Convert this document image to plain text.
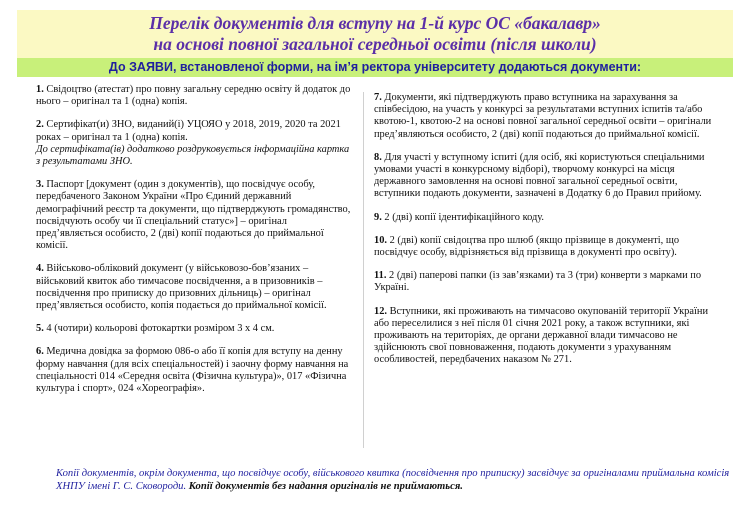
Перелік документів для вступу на 1-й курс ОС «бакалавр»
на основі повної загальної середньої освіти (після школи)
До ЗАЯВИ, встановленої форми, на ім’я ректора університету додаються документи:
1. Свідоцтво (атестат) про повну загальну середню освіту й додаток до нього – оригінал та 1 (одна) копія.
2. Сертифікат(и) ЗНО, виданий(і) УЦОЯО у 2018, 2019, 2020 та 2021 роках – оригінал та 1 (одна) копія.
До сертифіката(ів) додатково роздруковується інформаційна картка з результатами ЗНО.
3. Паспорт [документ (один з документів), що посвідчує особу, передбаченого Законом України «Про Єдиний державний демографічний реєстр та документи, що підтверджують громадянство, посвідчують особу чи її спеціальний статус»] – оригінал пред’являється особисто, 2 (дві) копії подаються до приймальної комісії.
4. Військово-обліковий документ (у військовозо-бов’язаних – військовий квиток або тимчасове посвідчення, а в призовників – посвідчення про приписку до призовних дільниць) – оригінал пред’являється особисто, копія подається до приймальної комісії.
5. 4 (чотири) кольорові фотокартки розміром 3 х 4 см.
6. Медична довідка за формою 086-о або її копія для вступу на денну форму навчання (для всіх спеціальностей) і заочну форму навчання на спеціальності 014 «Середня освіта (Фізична культура)», 017 «Фізична культура і спорт», 024 «Хореографія».
7. Документи, які підтверджують право вступника на зарахування за співбесідою, на участь у конкурсі за результатами вступних іспитів та/або квотою-1, квотою-2 на основі повної загальної середньої освіти – оригінали пред’являються особисто, 2 (дві) копії подаються до приймальної комісії.
8. Для участі у вступному іспиті (для осіб, які користуються спеціальними умовами участі в конкурсному відборі), творчому конкурсі на місця державного замовлення на основі повної загальної середньої освіти, вступники подають документи, зазначені в Додатку 6 до Правил прийому.
9. 2 (дві) копії ідентифікаційного коду.
10. 2 (дві) копії свідоцтва про шлюб (якщо прізвище в документі, що посвідчує особу, відрізняється від прізвища в документі про освіту).
11. 2 (дві) паперові папки (із зав’язками) та 3 (три) конверти з марками по Україні.
12. Вступники, які проживають на тимчасово окупованій території України або переселилися з неї після 01 січня 2021 року, а також вступники, які проживають на територіях, де органи державної влади тимчасово не здійснюють свої повноваження, подають документи з урахуванням особливостей, передбачених наказом № 271.
Копії документів, окрім документа, що посвідчує особу, військового квитка (посвідчення про приписку) засвідчує за оригіналами приймальна комісія ХНПУ імені Г. С. Сковороди. Копії документів без надання оригіналів не приймаються.
